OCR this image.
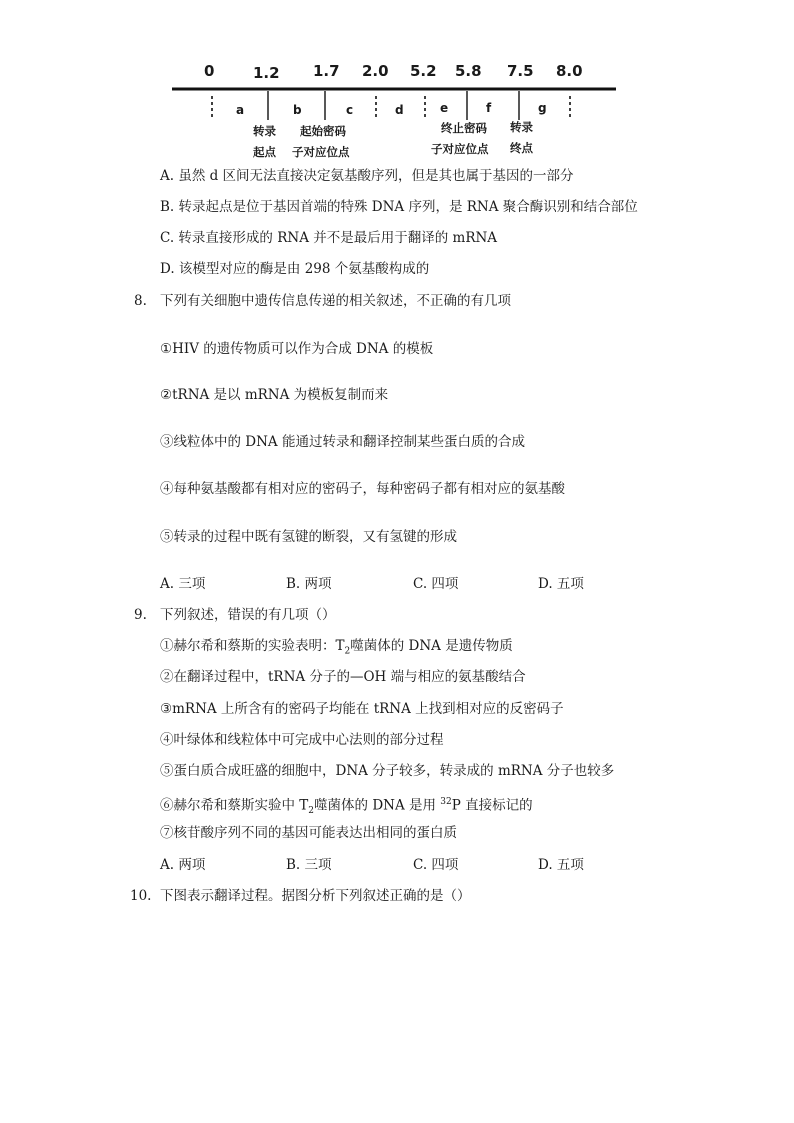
0	1.2 1.7 2.0 5.2 5.8 7.5 8.0
a	b	c	d	e	f	g
转录
起点
起始密码
子对应位点
终止密码
子对应位点
转录
终点
A. 虽然 d 区间无法直接决定氨基酸序列，但是其也属于基因的一部分
B. 转录起点是位于基因首端的特殊 DNA 序列，是 RNA 聚合酶识别和结合部位
C. 转录直接形成的 RNA 并不是最后用于翻译的 mRNA
D. 该模型对应的酶是由 298 个氨基酸构成的
8. 下列有关细胞中遗传信息传递的相关叙述，不正确的有几项
①HIV 的遗传物质可以作为合成 DNA 的模板
②tRNA 是以 mRNA 为模板复制而来
③线粒体中的 DNA 能通过转录和翻译控制某些蛋白质的合成
④每种氨基酸都有相对应的密码子，每种密码子都有相对应的氨基酸
⑤转录的过程中既有氢键的断裂，又有氢键的形成
A. 三项	B. 两项	C. 四项	D. 五项
9. 下列叙述，错误的有几项（）
①赫尔希和蔡斯的实验表明：$T_2$噬菌体的 DNA 是遗传物质
②在翻译过程中，tRNA 分子的—OH 端与相应的氨基酸结合
③mRNA 上所含有的密码子均能在 tRNA 上找到相对应的反密码子
④叶绿体和线粒体中可完成中心法则的部分过程
⑤蛋白质合成旺盛的细胞中，DNA 分子较多，转录成的 mRNA 分子也较多
⑥赫尔希和蔡斯实验中 $T_2$噬菌体的 DNA 是用 $^{32}$P 直接标记的
⑦核苷酸序列不同的基因可能表达出相同的蛋白质
A. 两项	B. 三项	C. 四项	D. 五项
10. 下图表示翻译过程。据图分析下列叙述正确的是（）
